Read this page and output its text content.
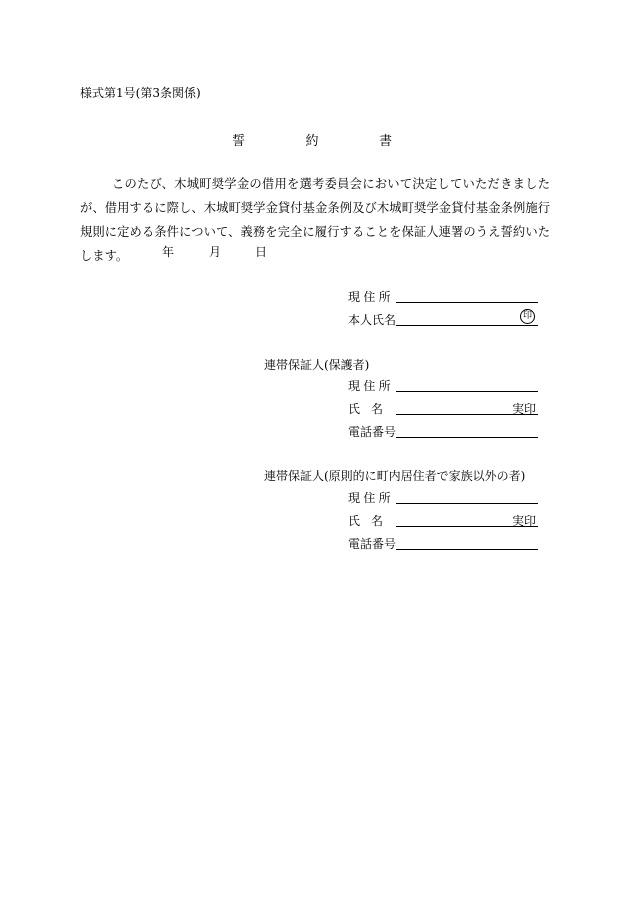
様式第1号(第3条関係)
誓	約	書
このたび、木城町奨学金の借用を選考委員会において決定していただきましたが、借用するに際し、木城町奨学金貸付基金条例及び木城町奨学金貸付基金条例施行規則に定める条件について、義務を完全に履行することを保証人連署のうえ誓約いたします。	年	月	日
現 住 所
本人氏名	印
連帯保証人(保護者)
現 住 所
氏 名	実印
電話番号
連帯保証人(原則的に町内居住者で家族以外の者)
現 住 所
氏 名	実印
電話番号
